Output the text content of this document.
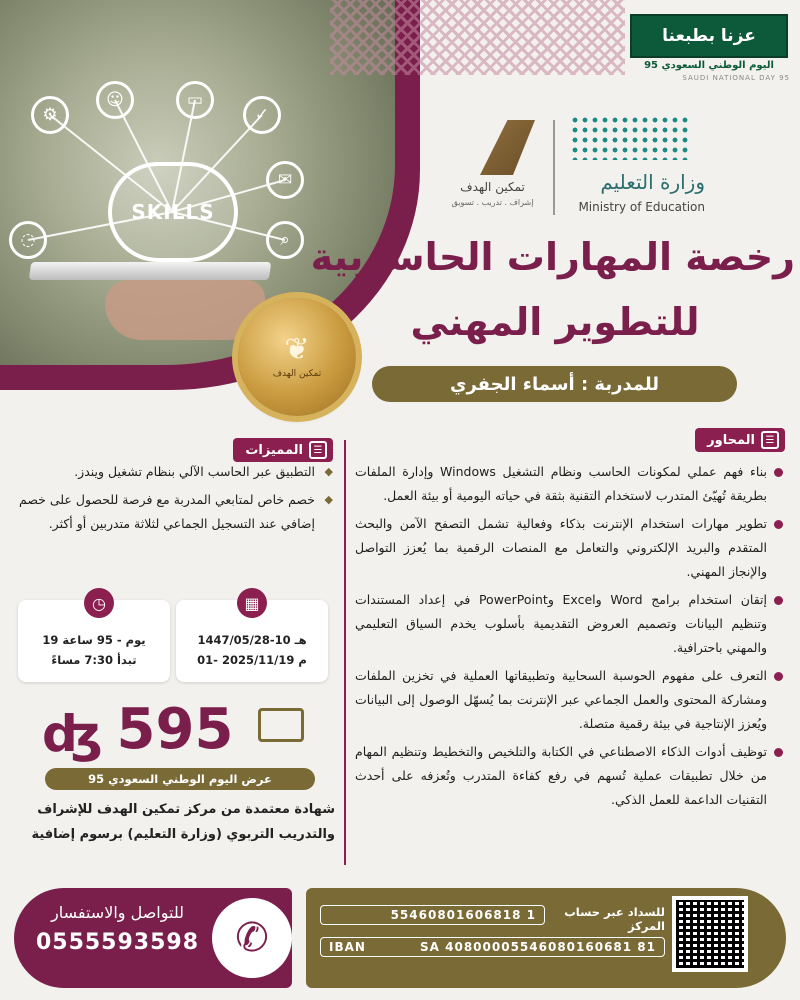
⚙
☺	▭
✓
✉
◌	⌕
SKILLS
❦
تمكين الهدف
عزنا بطبعنا
اليوم الوطني السعودي 95
SAUDI NATIONAL DAY 95
وزارة التعليم
Ministry of Education
تمكين الهدف
إشراف . تدريب . تسويق
رخصة المهارات الحاسوبية
للتطوير المهني
للمدربة : أسماء الجفري
المحاور	☰
بناء فهم عملي لمكونات الحاسب ونظام التشغيل Windows وإدارة الملفات بطريقة تُهيّئ المتدرب لاستخدام التقنية بثقة في حياته اليومية أو بيئة العمل.
تطوير مهارات استخدام الإنترنت بذكاء وفعالية تشمل التصفح الآمن والبحث المتقدم والبريد الإلكتروني والتعامل مع المنصات الرقمية بما يُعزز التواصل والإنجاز المهني.
إتقان استخدام برامج Word وExcel وPowerPoint في إعداد المستندات وتنظيم البيانات وتصميم العروض التقديمية بأسلوب يخدم السياق التعليمي والمهني باحترافية.
التعرف على مفهوم الحوسبة السحابية وتطبيقاتها العملية في تخزين الملفات ومشاركة المحتوى والعمل الجماعي عبر الإنترنت بما يُسهّل الوصول إلى البيانات ويُعزز الإنتاجية في بيئة رقمية متصلة.
توظيف أدوات الذكاء الاصطناعي في الكتابة والتلخيص والتخطيط وتنظيم المهام من خلال تطبيقات عملية تُسهم في رفع كفاءة المتدرب وتُعزفه على أحدث التقنيات الداعمة للعمل الذكي.
المميزات	☰
◆ التطبيق عبر الحاسب الآلي بنظام تشغيل ويندز.
◆ خصم خاص لمتابعي المدربة مع فرصة للحصول على خصم إضافي عند التسجيل الجماعي لثلاثة متدربين أو أكثر.
1447/05/28-10 هـ
01- 2025/11/19 م
▦
19 يوم - 95 ساعة
تبدأ 7:30 مساءً
◷
ʤ 595
عرض اليوم الوطني السعودي 95
شهادة معتمدة من مركز تمكين الهدف للإشراف والتدريب التربوي (وزارة التعليم) برسوم إضافية
✆
للتواصل والاستفسار
0555593598
للسداد عبر حساب المركز
55460801606818 1
IBAN	SA 40800005546080160681 81
